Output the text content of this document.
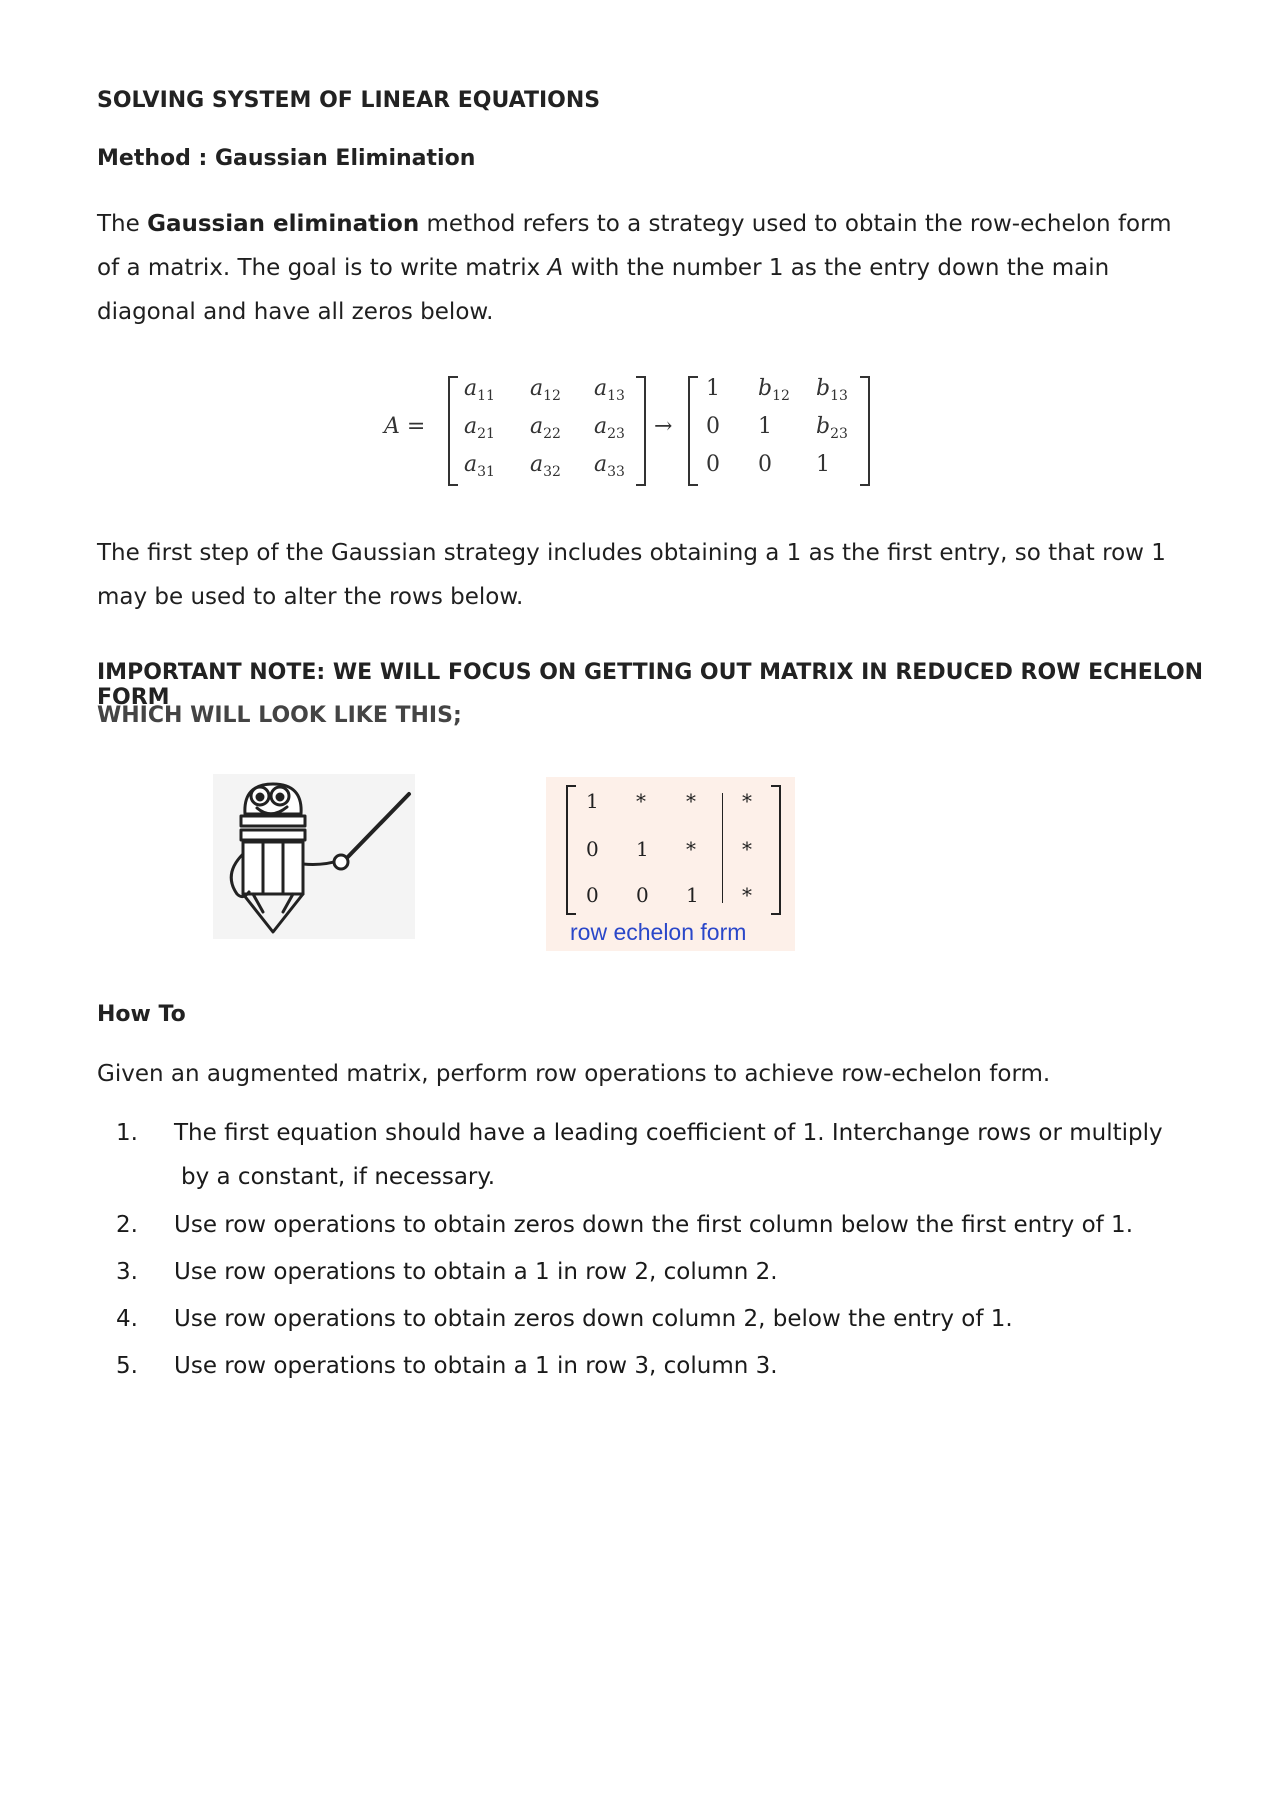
SOLVING SYSTEM OF LINEAR EQUATIONS
Method : Gaussian Elimination
The Gaussian elimination method refers to a strategy used to obtain the row-echelon form of a matrix. The goal is to write matrix A with the number 1 as the entry down the main diagonal and have all zeros below.
A =	→
$a_{11}$ $a_{12}$ $a_{13}$
$a_{21}$ $a_{22}$ $a_{23}$
$a_{31}$ $a_{32}$ $a_{33}$
1 $b_{12}$ $b_{13}$
0 1 $b_{23}$
0 0 1
The first step of the Gaussian strategy includes obtaining a 1 as the first entry, so that row 1 may be used to alter the rows below.
IMPORTANT NOTE: WE WILL FOCUS ON GETTING OUT MATRIX IN REDUCED ROW ECHELON FORM
WHICH WILL LOOK LIKE THIS;
row echelon form
1 * * *
0 1 * *
0 0 1 *
How To
Given an augmented matrix, perform row operations to achieve row-echelon form.
1. The first equation should have a leading coefficient of 1. Interchange rows or multiply
by a constant, if necessary.
2. Use row operations to obtain zeros down the first column below the first entry of 1.
3. Use row operations to obtain a 1 in row 2, column 2.
4. Use row operations to obtain zeros down column 2, below the entry of 1.
5. Use row operations to obtain a 1 in row 3, column 3.
